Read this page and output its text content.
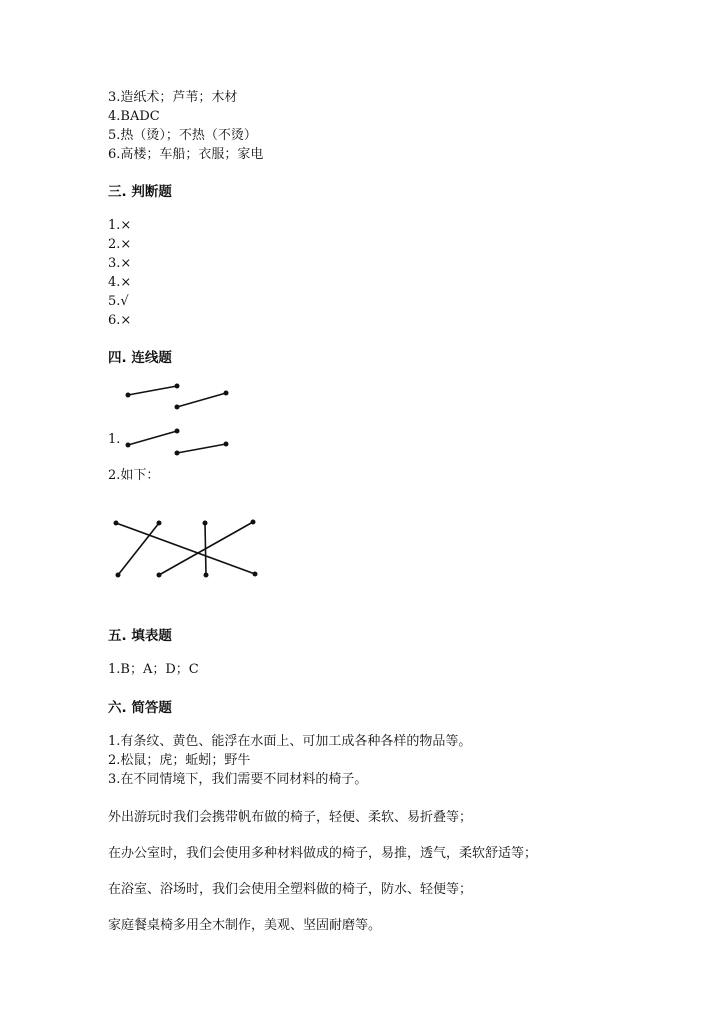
3.造纸术；芦苇；木材
4.BADC
5.热（烫）；不热（不烫）
6.高楼；车船；衣服；家电
三. 判断题
1.×
2.×
3.×
4.×
5.√
6.×
四. 连线题
1.
2.如下：
五. 填表题
1.B；A；D；C
六. 简答题
1.有条纹、黄色、能浮在水面上、可加工成各种各样的物品等。
2.松鼠；虎；蚯蚓；野牛
3.在不同情境下，我们需要不同材料的椅子。
外出游玩时我们会携带帆布做的椅子，轻便、柔软、易折叠等；
在办公室时，我们会使用多种材料做成的椅子，易推，透气，柔软舒适等；
在浴室、浴场时，我们会使用全塑料做的椅子，防水、轻便等；
家庭餐桌椅多用全木制作，美观、坚固耐磨等。
